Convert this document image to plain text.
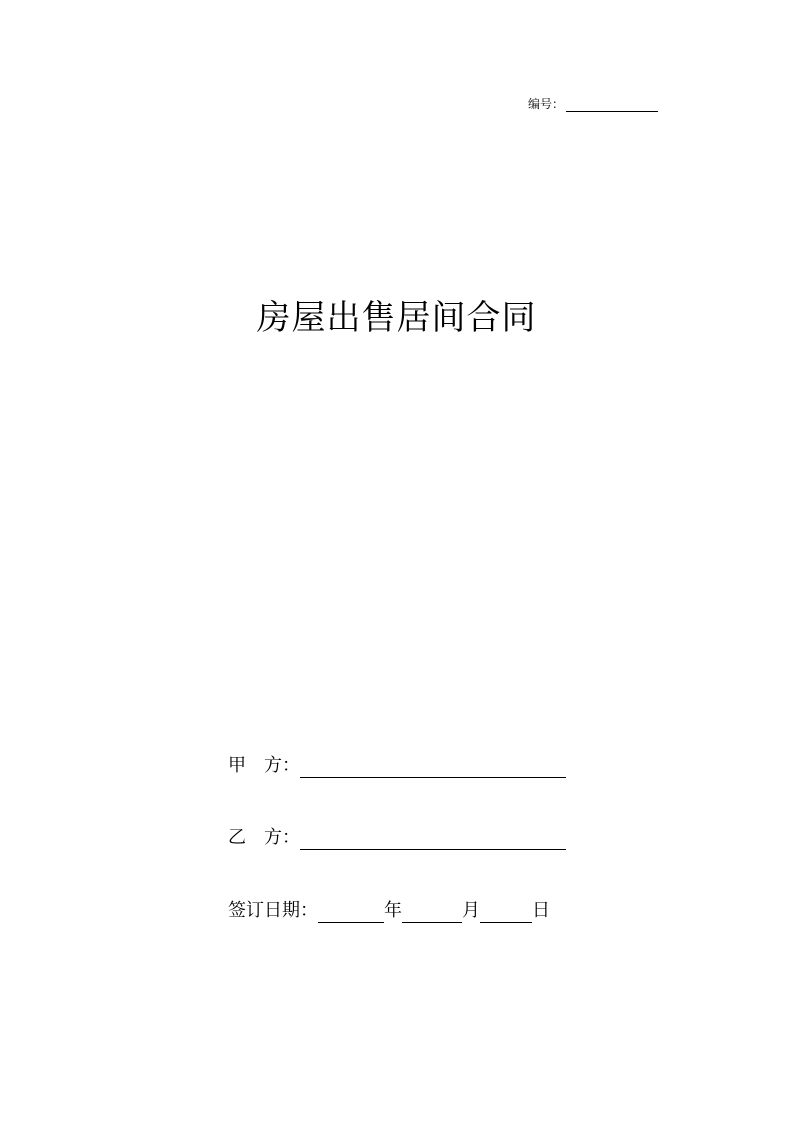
编号：
房屋出售居间合同
甲	方：
乙	方：
签订日期：	年	月	日
